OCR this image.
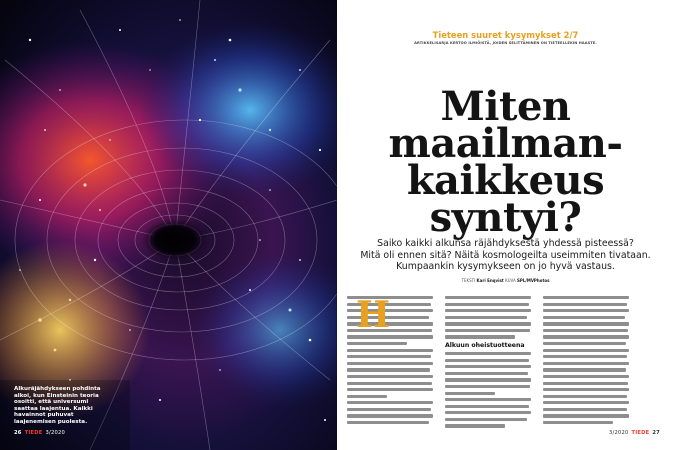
Alkuräjähdykseen pohdinta alkoi, kun Einsteinin teoria osoitti, että universumi saattaa laajentua. Kaikki havainnot puhuvat laajenemisen puolesta.
26 TIEDE 3/2020
Tieteen suuret kysymykset 2/7
ARTIKKELISARJA KERTOO ILMIÖISTÄ, JOIDEN SELITTÄMINEN ON TIETEELLEKIN HAASTE.
Miten
maailman-
kaikkeus
syntyi?
Saiko kaikki alkunsa räjähdyksestä yhdessä pisteessä?
Mitä oli ennen sitä? Näitä kosmologeilta useimmiten tivataan.
Kumpaankin kysymykseen on jo hyvä vastaus.
TEKSTI Kari Enqvist KUVA SPL/MVPhotos
Alkuun oheistuotteena
3/2020 TIEDE 27
H
